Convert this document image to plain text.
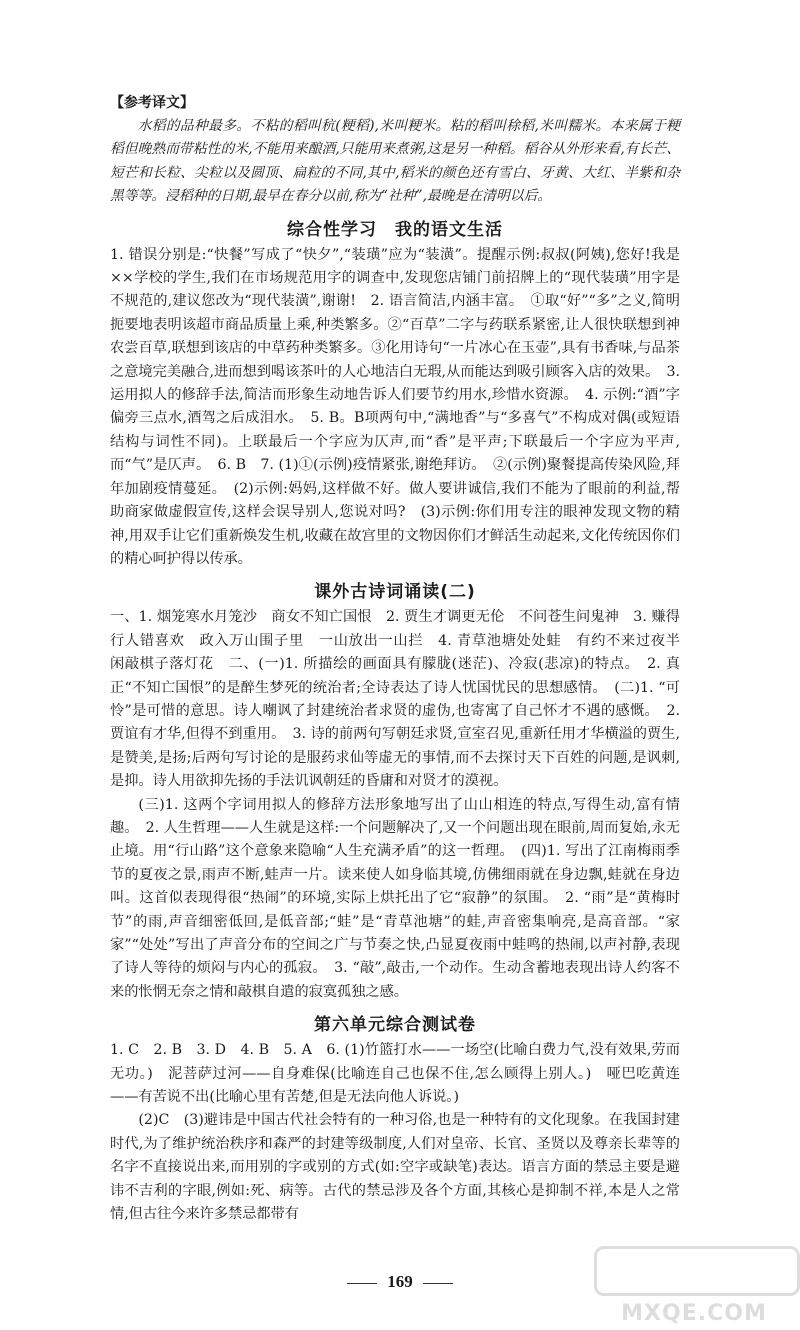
【参考译文】

水稻的品种最多。不粘的稻叫秔(粳稻),米叫粳米。粘的稻叫稌稻,米叫糯米。本来属于粳稻但晚熟而带粘性的米,不能用来酿酒,只能用来煮粥,这是另一种稻。稻谷从外形来看,有长芒、短芒和长粒、尖粒以及圆顶、扁粒的不同,其中,稻米的颜色还有雪白、牙黄、大红、半紫和杂黑等等。浸稻种的日期,最早在春分以前,称为“社种”,最晚是在清明以后。

综合性学习　我的语文生活

1. 错误分别是:“快餐”写成了“快夕”,“装璜”应为“装潢”。提醒示例:叔叔(阿姨),您好!我是××学校的学生,我们在市场规范用字的调查中,发现您店铺门前招牌上的“现代装璜”用字是不规范的,建议您改为“现代装潢”,谢谢!　2. 语言简洁,内涵丰富。　①取“好”“多”之义,简明扼要地表明该超市商品质量上乘,种类繁多。②“百草”二字与药联系紧密,让人很快联想到神农尝百草,联想到该店的中草药种类繁多。③化用诗句“一片冰心在玉壶”,具有书香味,与品茶之意境完美融合,进而想到喝该茶叶的人心地洁白无瑕,从而能达到吸引顾客入店的效果。　3. 运用拟人的修辞手法,简洁而形象生动地告诉人们要节约用水,珍惜水资源。　4. 示例:“酒”字偏旁三点水,酒驾之后成泪水。　5. B。B项两句中,“满地香”与“多喜气”不构成对偶(或短语结构与词性不同)。上联最后一个字应为仄声,而“香”是平声;下联最后一个字应为平声,而“气”是仄声。　6. B　7. (1)①(示例)疫情紧张,谢绝拜访。　②(示例)聚餐提高传染风险,拜年加剧疫情蔓延。　(2)示例:妈妈,这样做不好。做人要讲诚信,我们不能为了眼前的利益,帮助商家做虚假宣传,这样会误导别人,您说对吗?　(3)示例:你们用专注的眼神发现文物的精神,用双手让它们重新焕发生机,收藏在故宫里的文物因你们才鲜活生动起来,文化传统因你们的精心呵护得以传承。

课外古诗词诵读(二)

一、1. 烟笼寒水月笼沙　商女不知亡国恨　2. 贾生才调更无伦　不问苍生问鬼神　3. 赚得行人错喜欢　政入万山围子里　一山放出一山拦　4. 青草池塘处处蛙　有约不来过夜半　闲敲棋子落灯花　二、(一)1. 所描绘的画面具有朦胧(迷茫)、冷寂(悲凉)的特点。　2. 真正“不知亡国恨”的是醉生梦死的统治者;全诗表达了诗人忧国忧民的思想感情。　(二)1. “可怜”是可惜的意思。诗人嘲讽了封建统治者求贤的虚伪,也寄寓了自己怀才不遇的感慨。　2. 贾谊有才华,但得不到重用。　3. 诗的前两句写朝廷求贤,宣室召见,重新任用才华横溢的贾生,是赞美,是扬;后两句写讨论的是服药求仙等虚无的事情,而不去探讨天下百姓的问题,是讽刺,是抑。诗人用欲抑先扬的手法讥讽朝廷的昏庸和对贤才的漠视。

(三)1. 这两个字词用拟人的修辞方法形象地写出了山山相连的特点,写得生动,富有情趣。　2. 人生哲理——人生就是这样:一个问题解决了,又一个问题出现在眼前,周而复始,永无止境。用“行山路”这个意象来隐喻“人生充满矛盾”的这一哲理。　(四)1. 写出了江南梅雨季节的夏夜之景,雨声不断,蛙声一片。读来使人如身临其境,仿佛细雨就在身边飘,蛙就在身边叫。这首似表现得很“热闹”的环境,实际上烘托出了它“寂静”的氛围。　2. “雨”是“黄梅时节”的雨,声音细密低回,是低音部;“蛙”是“青草池塘”的蛙,声音密集响亮,是高音部。“家家”“处处”写出了声音分布的空间之广与节奏之快,凸显夏夜雨中蛙鸣的热闹,以声衬静,表现了诗人等待的烦闷与内心的孤寂。　3. “敲”,敲击,一个动作。生动含蓄地表现出诗人约客不来的怅惘无奈之情和敲棋自遣的寂寞孤独之感。

第六单元综合测试卷

1. C　2. B　3. D　4. B　5. A　6. (1)竹篮打水——一场空(比喻白费力气,没有效果,劳而无功。)　泥菩萨过河——自身难保(比喻连自己也保不住,怎么顾得上别人。)　哑巴吃黄连——有苦说不出(比喻心里有苦楚,但是无法向他人诉说。)

(2)C　(3)避讳是中国古代社会特有的一种习俗,也是一种特有的文化现象。在我国封建时代,为了维护统治秩序和森严的封建等级制度,人们对皇帝、长官、圣贤以及尊亲长辈等的名字不直接说出来,而用别的字或别的方式(如:空字或缺笔)表达。语言方面的禁忌主要是避讳不吉利的字眼,例如:死、病等。古代的禁忌涉及各个方面,其核心是抑制不祥,本是人之常情,但古往今来许多禁忌都带有

169
MXQE.COM
